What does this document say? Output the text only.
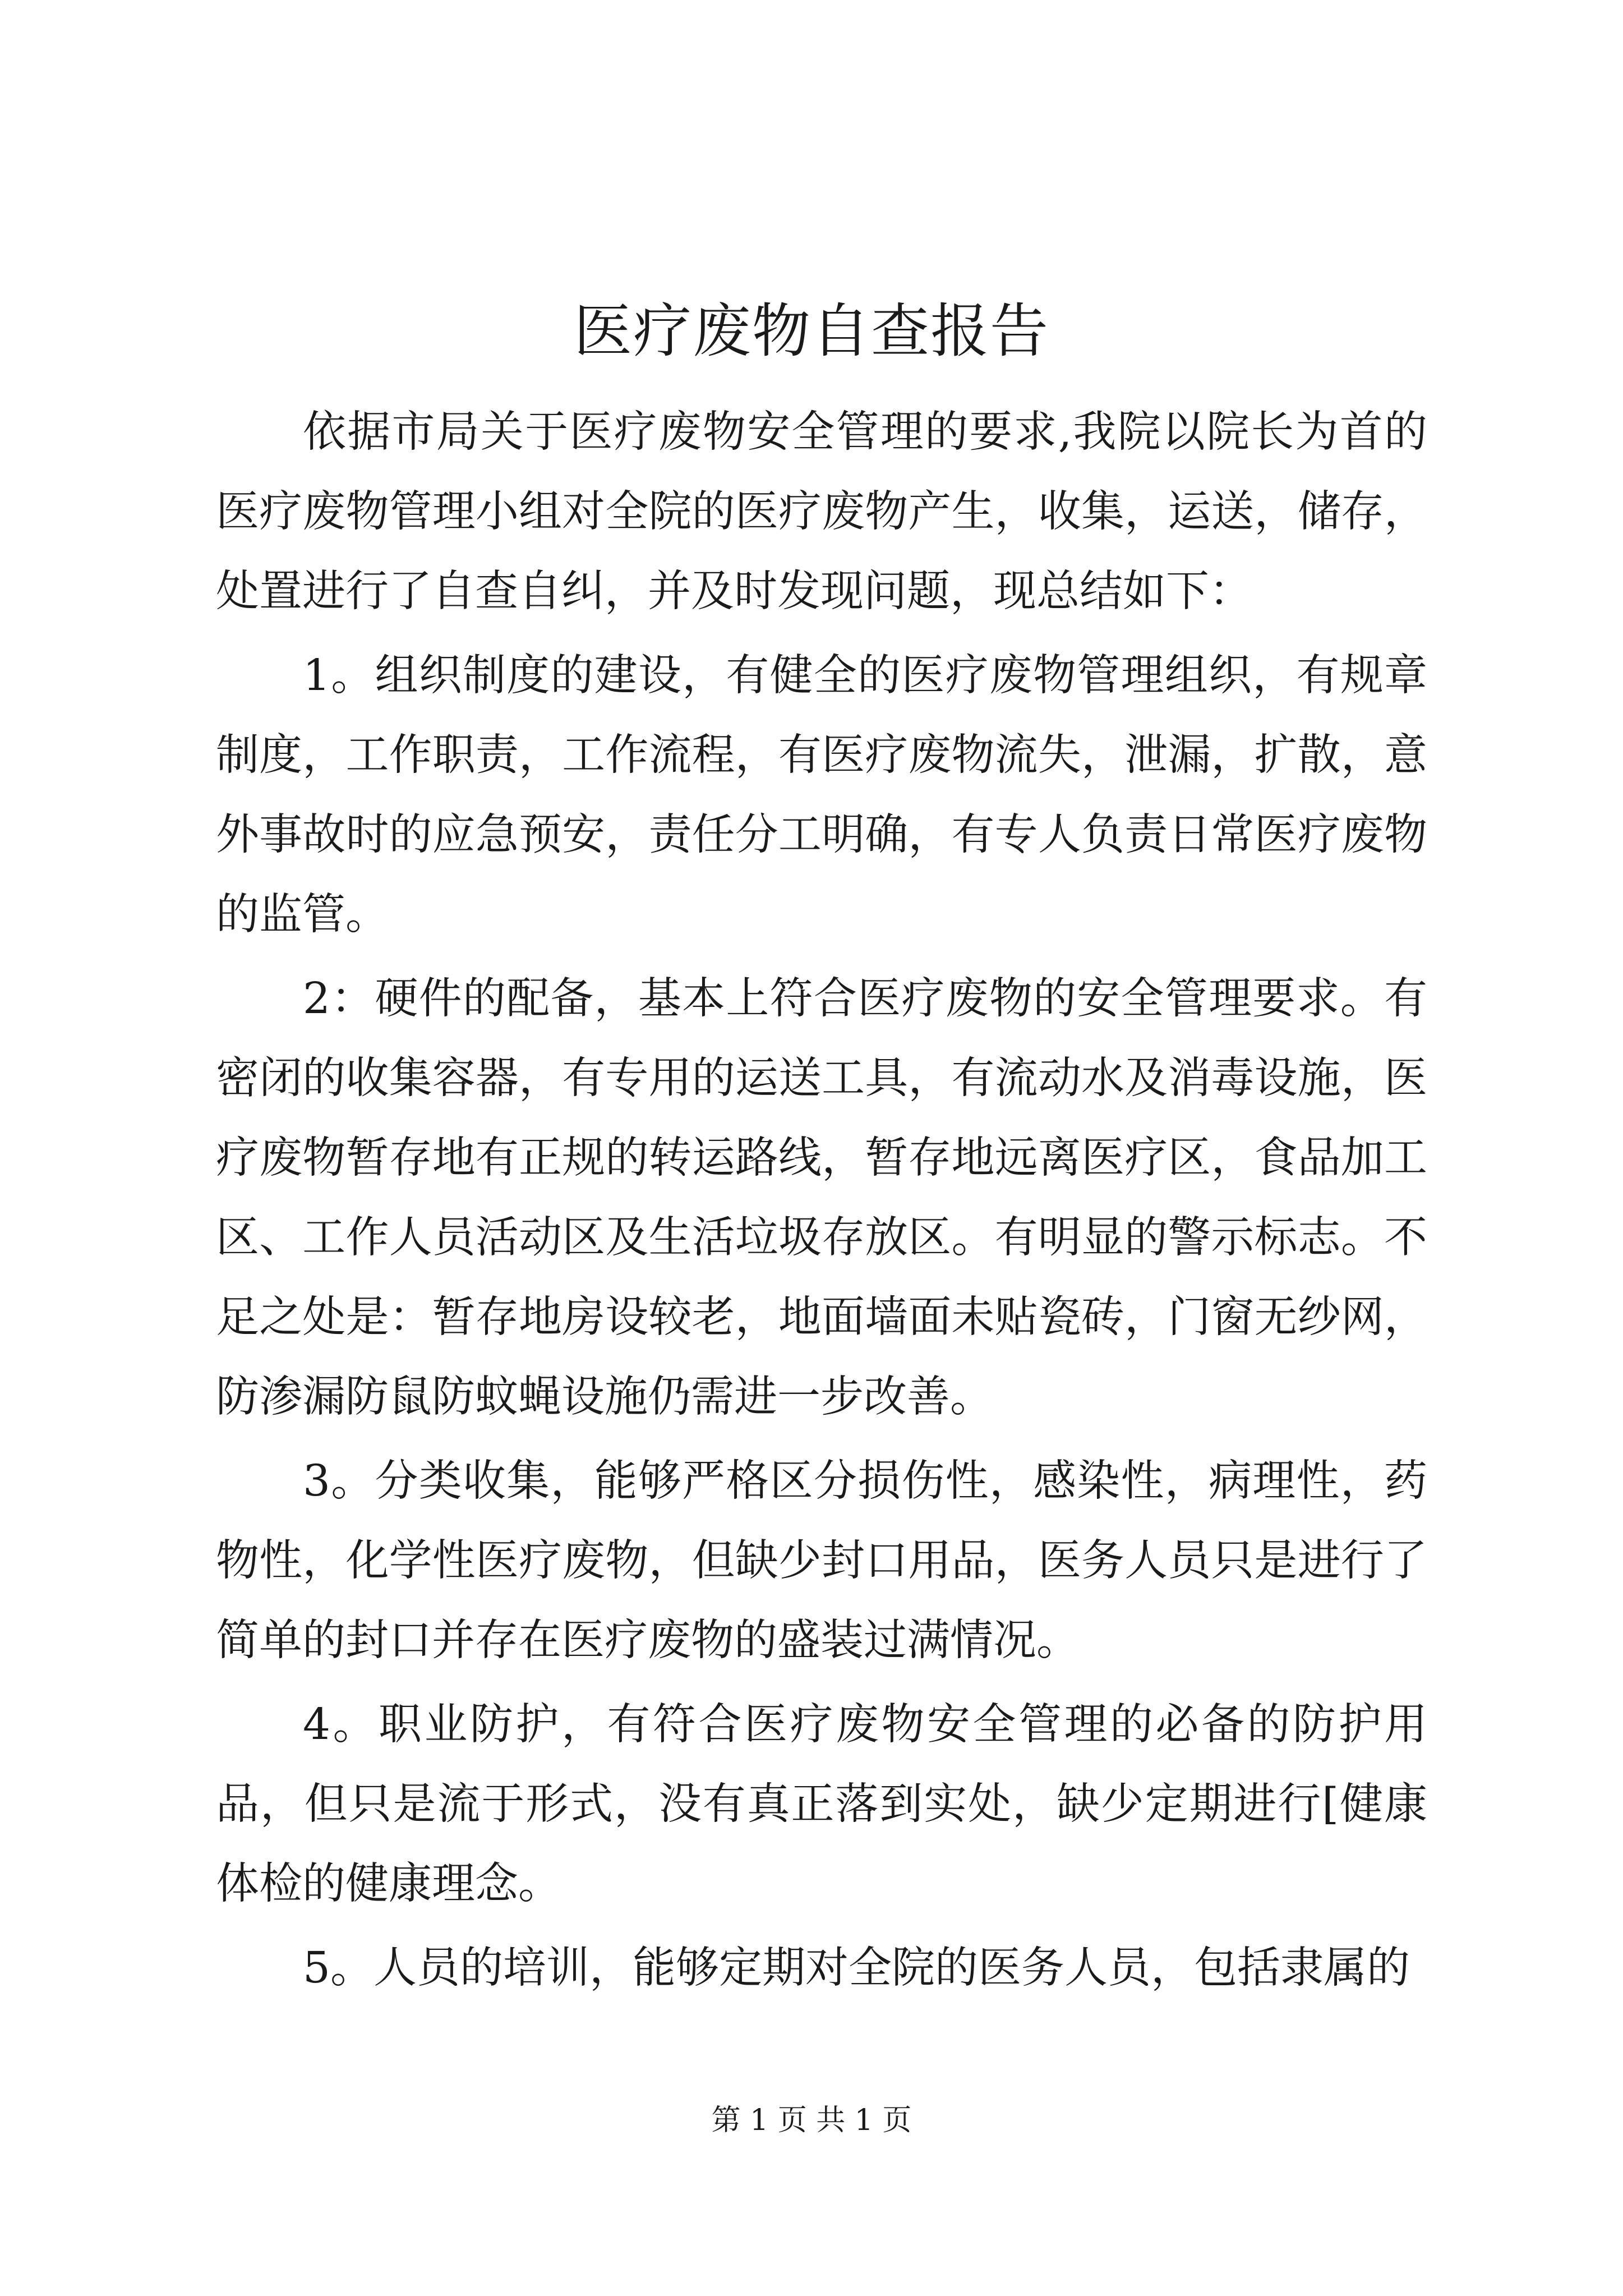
医疗废物自查报告

依据市局关于医疗废物安全管理的要求,我院以院长为首的医疗废物管理小组对全院的医疗废物产生，收集，运送，储存，处置进行了自查自纠，并及时发现问题，现总结如下：

1。组织制度的建设，有健全的医疗废物管理组织，有规章制度，工作职责，工作流程，有医疗废物流失，泄漏，扩散，意外事故时的应急预安，责任分工明确，有专人负责日常医疗废物的监管。

2：硬件的配备，基本上符合医疗废物的安全管理要求。有密闭的收集容器，有专用的运送工具，有流动水及消毒设施，医疗废物暂存地有正规的转运路线，暂存地远离医疗区，食品加工区、工作人员活动区及生活垃圾存放区。有明显的警示标志。不足之处是：暂存地房设较老，地面墙面未贴瓷砖，门窗无纱网，防渗漏防鼠防蚊蝇设施仍需进一步改善。

3。分类收集，能够严格区分损伤性，感染性，病理性，药物性，化学性医疗废物，但缺少封口用品，医务人员只是进行了简单的封口并存在医疗废物的盛装过满情况。

4。职业防护，有符合医疗废物安全管理的必备的防护用品，但只是流于形式，没有真正落到实处，缺少定期进行[健康体检的健康理念。

5。人员的培训，能够定期对全院的医务人员，包括隶属的

第 1 页 共 1 页
